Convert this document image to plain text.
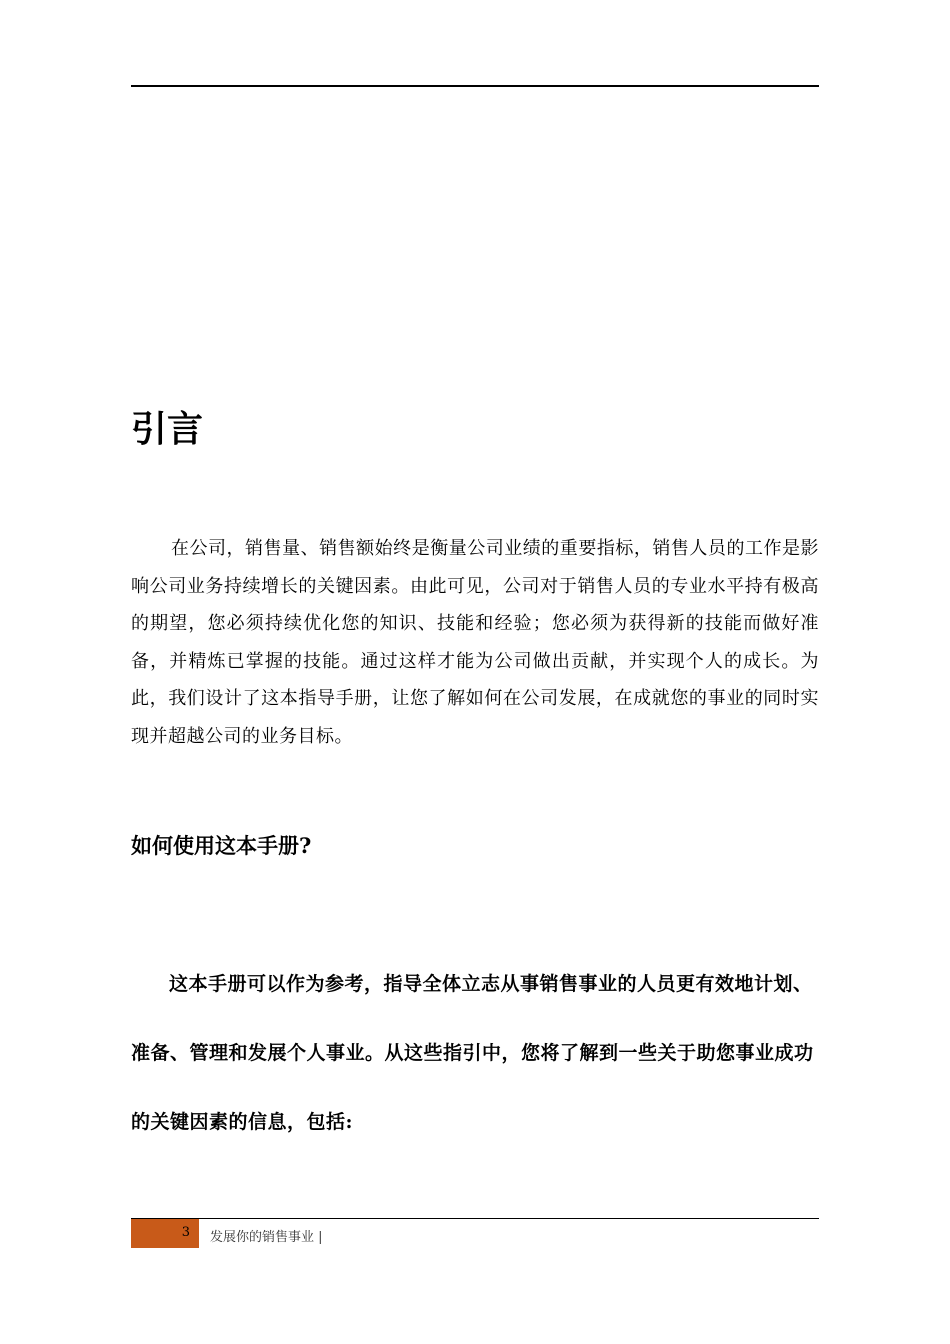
引言

在公司，销售量、销售额始终是衡量公司业绩的重要指标，销售人员的工作是影响公司业务持续增长的关键因素。由此可见，公司对于销售人员的专业水平持有极高的期望，您必须持续优化您的知识、技能和经验；您必须为获得新的技能而做好准备，并精炼已掌握的技能。通过这样才能为公司做出贡献，并实现个人的成长。为此，我们设计了这本指导手册，让您了解如何在公司发展，在成就您的事业的同时实现并超越公司的业务目标。

如何使用这本手册?

这本手册可以作为参考，指导全体立志从事销售事业的人员更有效地计划、准备、管理和发展个人事业。从这些指引中，您将了解到一些关于助您事业成功的关键因素的信息，包括:

3 发展你的销售事业 |
